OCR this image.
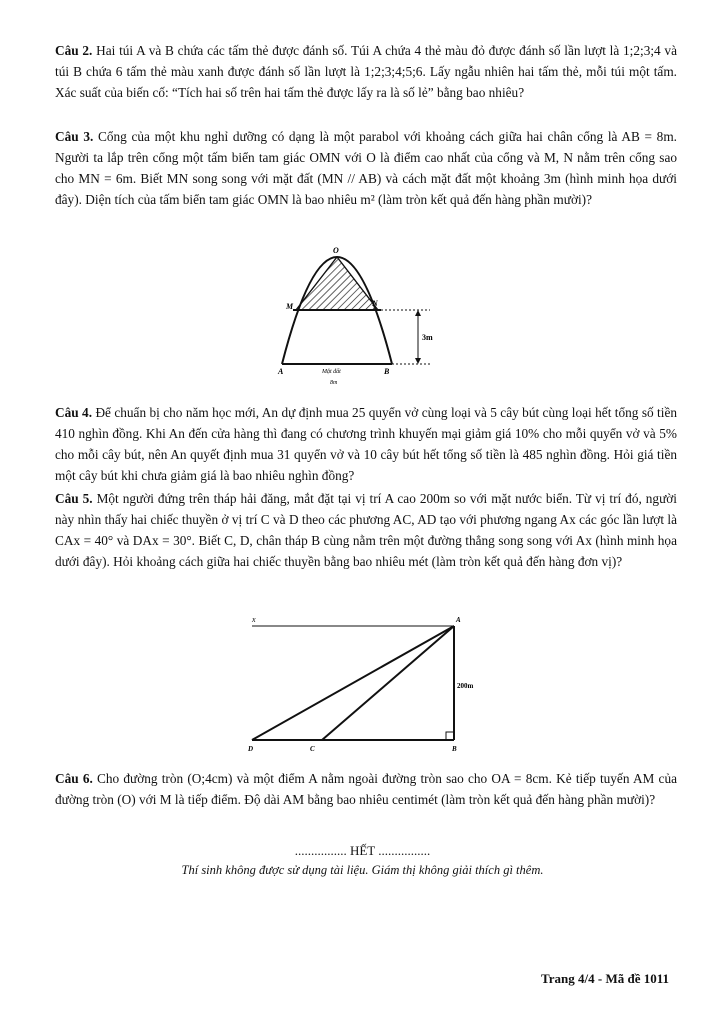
Câu 2. Hai túi A và B chứa các tấm thẻ được đánh số. Túi A chứa 4 thẻ màu đỏ được đánh số lần lượt là 1;2;3;4 và túi B chứa 6 tấm thẻ màu xanh được đánh số lần lượt là 1;2;3;4;5;6. Lấy ngẫu nhiên hai tấm thẻ, mỗi túi một tấm. Xác suất của biến cố: “Tích hai số trên hai tấm thẻ được lấy ra là số lẻ” bằng bao nhiêu?
Câu 3. Cổng của một khu nghỉ dưỡng có dạng là một parabol với khoảng cách giữa hai chân cổng là AB = 8m. Người ta lắp trên cổng một tấm biển tam giác OMN với O là điểm cao nhất của cổng và M, N nằm trên cổng sao cho MN = 6m. Biết MN song song với mặt đất (MN // AB) và cách mặt đất một khoảng 3m (hình minh họa dưới đây). Diện tích của tấm biển tam giác OMN là bao nhiêu m² (làm tròn kết quả đến hàng phần mười)?
O
M	N
3m
A	B
Mặt đất
8m
Câu 4. Để chuẩn bị cho năm học mới, An dự định mua 25 quyển vở cùng loại và 5 cây bút cùng loại hết tổng số tiền 410 nghìn đồng. Khi An đến cửa hàng thì đang có chương trình khuyến mại giảm giá 10% cho mỗi quyển vở và 5% cho mỗi cây bút, nên An quyết định mua 31 quyển vở và 10 cây bút hết tổng số tiền là 485 nghìn đồng. Hỏi giá tiền một cây bút khi chưa giảm giá là bao nhiêu nghìn đồng?
Câu 5. Một người đứng trên tháp hải đăng, mắt đặt tại vị trí A cao 200m so với mặt nước biển. Từ vị trí đó, người này nhìn thấy hai chiếc thuyền ở vị trí C và D theo các phương AC, AD tạo với phương ngang Ax các góc lần lượt là CAx = 40° và DAx = 30°. Biết C, D, chân tháp B cùng nằm trên một đường thẳng song song với Ax (hình minh họa dưới đây). Hỏi khoảng cách giữa hai chiếc thuyền bằng bao nhiêu mét (làm tròn kết quả đến hàng đơn vị)?
x	A
200m
D	C	B
Câu 6. Cho đường tròn (O;4cm) và một điểm A nằm ngoài đường tròn sao cho OA = 8cm. Kẻ tiếp tuyến AM của đường tròn (O) với M là tiếp điểm. Độ dài AM bằng bao nhiêu centimét (làm tròn kết quả đến hàng phần mười)?
................ HẾT ................
Thí sinh không được sử dụng tài liệu. Giám thị không giải thích gì thêm.
Trang 4/4 - Mã đề 1011
